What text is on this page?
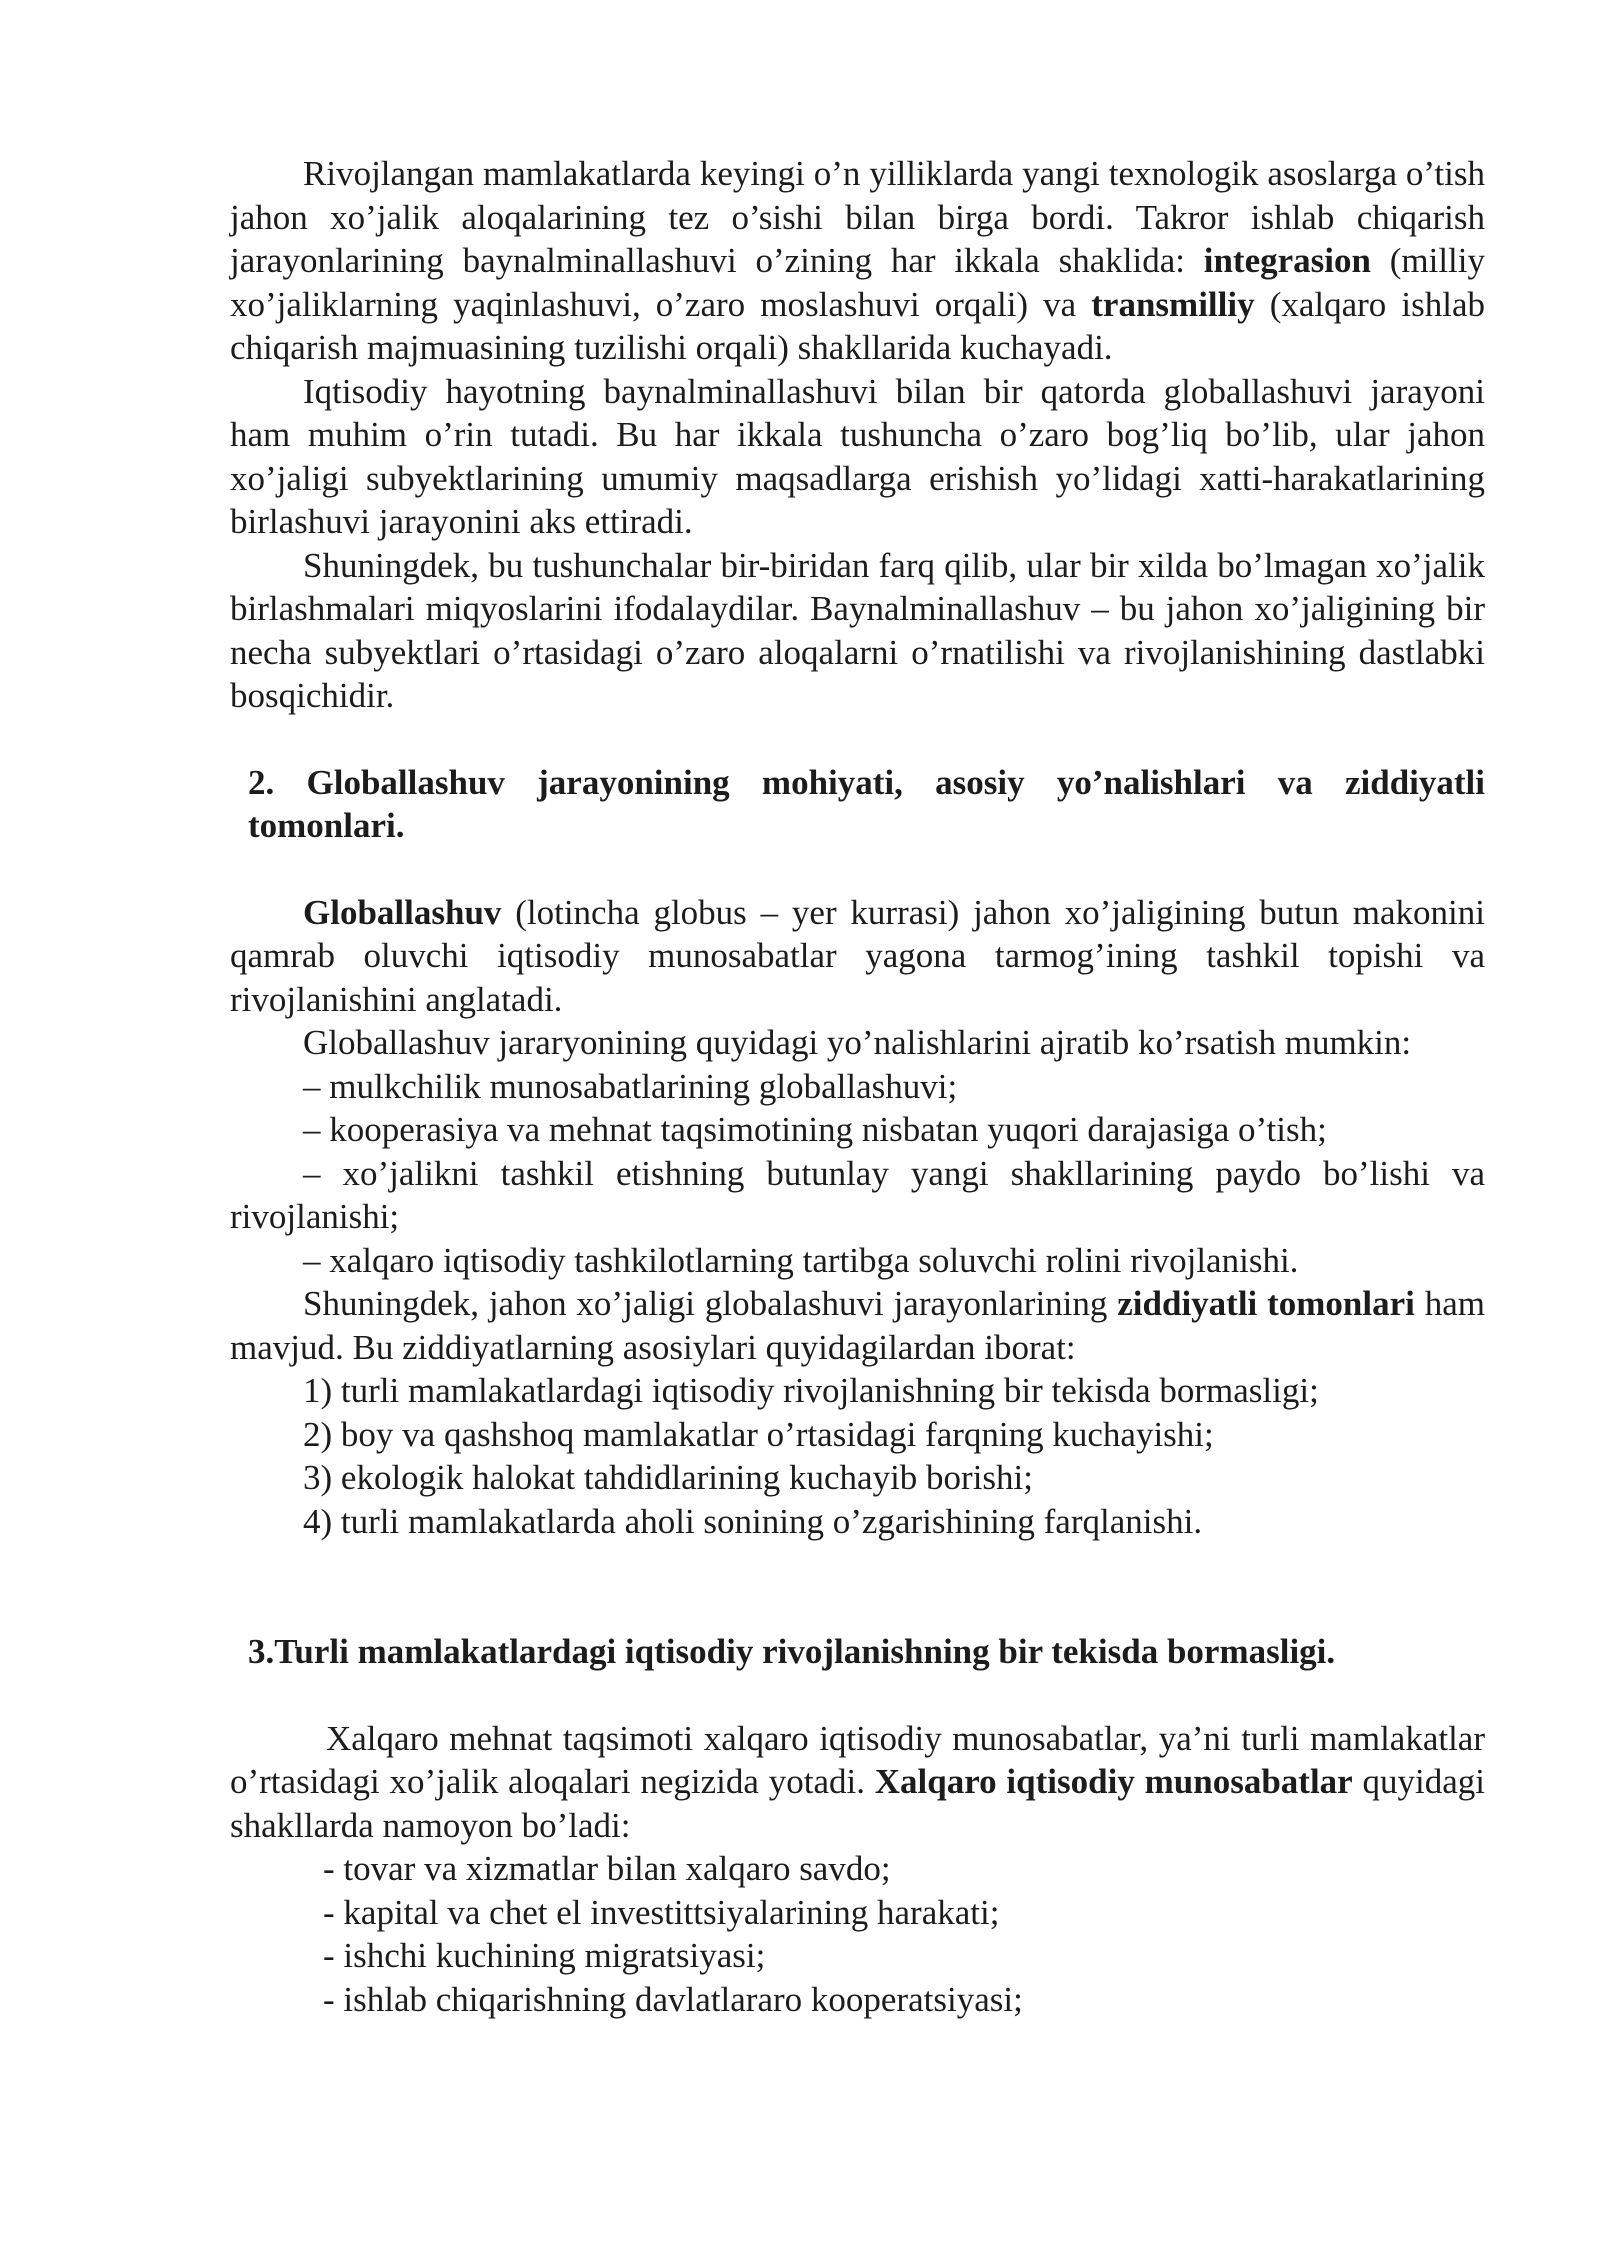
Rivojlangan mamlakatlarda keyingi o’n yilliklarda yangi texnologik asoslarga o’tish jahon xo’jalik aloqalarining tez o’sishi bilan birga bordi. Takror ishlab chiqarish jarayonlarining baynalminallashuvi o’zining har ikkala shaklida: integrasion (milliy xo’jaliklarning yaqinlashuvi, o’zaro moslashuvi orqali) va transmilliy (xalqaro ishlab chiqarish majmuasining tuzilishi orqali) shakllarida kuchayadi.

Iqtisodiy hayotning baynalminallashuvi bilan bir qatorda globallashuvi jarayoni ham muhim o’rin tutadi. Bu har ikkala tushuncha o’zaro bog’liq bo’lib, ular jahon xo’jaligi subyektlarining umumiy maqsadlarga erishish yo’lidagi xatti-harakatlarining birlashuvi jarayonini aks ettiradi.

Shuningdek, bu tushunchalar bir-biridan farq qilib, ular bir xilda bo’lmagan xo’jalik birlashmalari miqyoslarini ifodalaydilar. Baynalminallashuv – bu jahon xo’jaligining bir necha subyektlari o’rtasidagi o’zaro aloqalarni o’rnatilishi va rivojlanishining dastlabki bosqichidir.

2. Globallashuv jarayonining mohiyati, asosiy yo’nalishlari va ziddiyatli tomonlari.

Globallashuv (lotincha globus – yer kurrasi) jahon xo’jaligining butun makonini qamrab oluvchi iqtisodiy munosabatlar yagona tarmog’ining tashkil topishi va rivojlanishini anglatadi.

Globallashuv jararyonining quyidagi yo’nalishlarini ajratib ko’rsatish mumkin:

– mulkchilik munosabatlarining globallashuvi;

– kooperasiya va mehnat taqsimotining nisbatan yuqori darajasiga o’tish;

– xo’jalikni tashkil etishning butunlay yangi shakllarining paydo bo’lishi va rivojlanishi;

– xalqaro iqtisodiy tashkilotlarning tartibga soluvchi rolini rivojlanishi.

Shuningdek, jahon xo’jaligi globalashuvi jarayonlarining ziddiyatli tomonlari ham mavjud. Bu ziddiyatlarning asosiylari quyidagilardan iborat:

1) turli mamlakatlardagi iqtisodiy rivojlanishning bir tekisda bormasligi;

2) boy va qashshoq mamlakatlar o’rtasidagi farqning kuchayishi;

3) ekologik halokat tahdidlarining kuchayib borishi;

4) turli mamlakatlarda aholi sonining o’zgarishining farqlanishi.

3.Turli mamlakatlardagi iqtisodiy rivojlanishning bir tekisda bormasligi.

Xalqaro mehnat taqsimoti xalqaro iqtisodiy munosabatlar, ya’ni turli mamlakatlar o’rtasidagi xo’jalik aloqalari negizida yotadi. Xalqaro iqtisodiy munosabatlar quyidagi shakllarda namoyon bo’ladi:

- tovar va xizmatlar bilan xalqaro savdo;

- kapital va chet el investittsiyalarining harakati;

- ishchi kuchining migratsiyasi;

- ishlab chiqarishning davlatlararo kooperatsiyasi;
